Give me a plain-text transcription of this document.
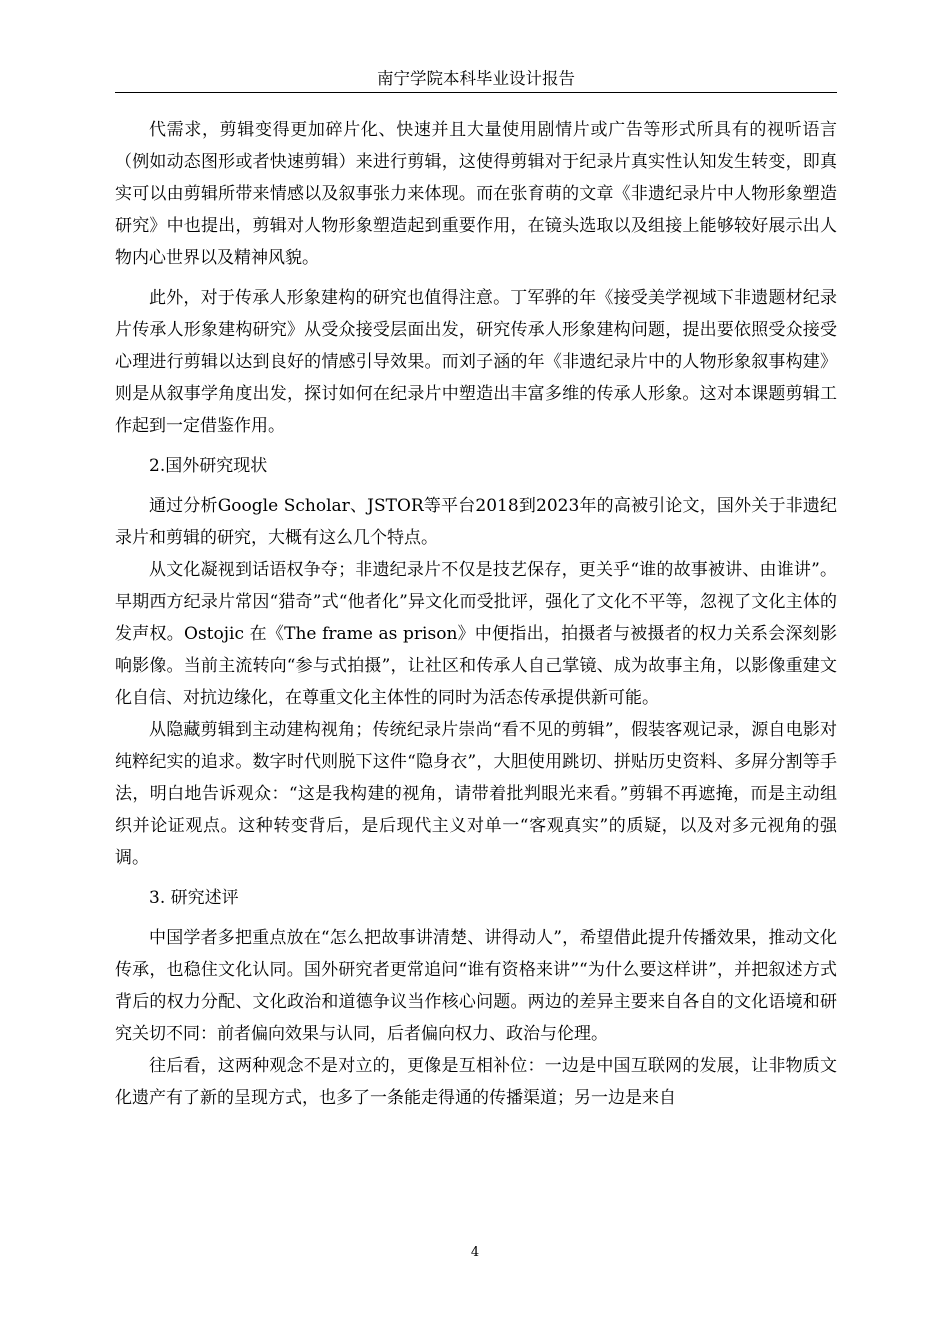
南宁学院本科毕业设计报告

代需求，剪辑变得更加碎片化、快速并且大量使用剧情片或广告等形式所具有的视听语言（例如动态图形或者快速剪辑）来进行剪辑，这使得剪辑对于纪录片真实性认知发生转变，即真实可以由剪辑所带来情感以及叙事张力来体现。而在张育萌的文章《非遗纪录片中人物形象塑造研究》中也提出，剪辑对人物形象塑造起到重要作用，在镜头选取以及组接上能够较好展示出人物内心世界以及精神风貌。

此外，对于传承人形象建构的研究也值得注意。丁军骅的年《接受美学视域下非遗题材纪录片传承人形象建构研究》从受众接受层面出发，研究传承人形象建构问题，提出要依照受众接受心理进行剪辑以达到良好的情感引导效果。而刘子涵的年《非遗纪录片中的人物形象叙事构建》则是从叙事学角度出发，探讨如何在纪录片中塑造出丰富多维的传承人形象。这对本课题剪辑工作起到一定借鉴作用。

2.国外研究现状

通过分析Google Scholar、JSTOR等平台2018到2023年的高被引论文，国外关于非遗纪录片和剪辑的研究，大概有这么几个特点。

从文化凝视到话语权争夺；非遗纪录片不仅是技艺保存，更关乎“谁的故事被讲、由谁讲”。早期西方纪录片常因“猎奇”式“他者化”异文化而受批评，强化了文化不平等，忽视了文化主体的发声权。Ostojic 在《The frame as prison》中便指出，拍摄者与被摄者的权力关系会深刻影响影像。当前主流转向“参与式拍摄”，让社区和传承人自己掌镜、成为故事主角，以影像重建文化自信、对抗边缘化，在尊重文化主体性的同时为活态传承提供新可能。

从隐藏剪辑到主动建构视角；传统纪录片崇尚“看不见的剪辑”，假装客观记录，源自电影对纯粹纪实的追求。数字时代则脱下这件“隐身衣”，大胆使用跳切、拼贴历史资料、多屏分割等手法，明白地告诉观众：“这是我构建的视角，请带着批判眼光来看。”剪辑不再遮掩，而是主动组织并论证观点。这种转变背后，是后现代主义对单一“客观真实”的质疑，以及对多元视角的强调。

3. 研究述评

中国学者多把重点放在“怎么把故事讲清楚、讲得动人”，希望借此提升传播效果，推动文化传承，也稳住文化认同。国外研究者更常追问“谁有资格来讲”“为什么要这样讲”，并把叙述方式背后的权力分配、文化政治和道德争议当作核心问题。两边的差异主要来自各自的文化语境和研究关切不同：前者偏向效果与认同，后者偏向权力、政治与伦理。

往后看，这两种观念不是对立的，更像是互相补位：一边是中国互联网的发展，让非物质文化遗产有了新的呈现方式，也多了一条能走得通的传播渠道；另一边是来自

4
